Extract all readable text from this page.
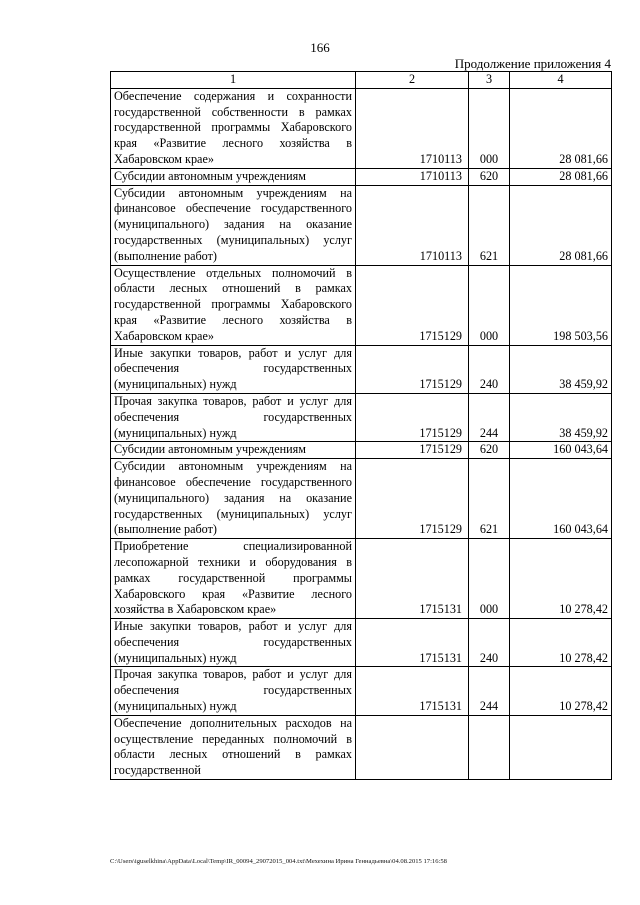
166
Продолжение приложения 4
1	2	3	4
Обеспечение содержания и сохранности государственной собственности в рамках государственной программы Хабаровского края «Развитие лесного хозяйства в Хабаровском крае»	1710113	000	28 081,66
Субсидии автономным учреждениям	1710113	620	28 081,66
Субсидии автономным учреждениям на финансовое обеспечение государственного (муниципального) задания на оказание государственных (муниципальных) услуг (выполнение работ)	1710113	621	28 081,66
Осуществление отдельных полномочий в области лесных отношений в рамках государственной программы Хабаровского края «Развитие лесного хозяйства в Хабаровском крае»	1715129	000	198 503,56
Иные закупки товаров, работ и услуг для обеспечения государственных (муниципальных) нужд	1715129	240	38 459,92
Прочая закупка товаров, работ и услуг для обеспечения государственных (муниципальных) нужд	1715129	244	38 459,92
Субсидии автономным учреждениям	1715129	620	160 043,64
Субсидии автономным учреждениям на финансовое обеспечение государственного (муниципального) задания на оказание государственных (муниципальных) услуг (выполнение работ)	1715129	621	160 043,64
Приобретение специализированной лесопожарной техники и оборудования в рамках государственной программы Хабаровского края «Развитие лесного хозяйства в Хабаровском крае»	1715131	000	10 278,42
Иные закупки товаров, работ и услуг для обеспечения государственных (муниципальных) нужд	1715131	240	10 278,42
Прочая закупка товаров, работ и услуг для обеспечения государственных (муниципальных) нужд	1715131	244	10 278,42
Обеспечение дополнительных расходов на осуществление переданных полномочий в области лесных отношений в рамках государственной			
C:\Users\iguselkhina\AppData\Local\Temp\IR_00094_29072015_004.txt\Мехехина Ирина Геннадьевна\04.08.2015 17:16:58
